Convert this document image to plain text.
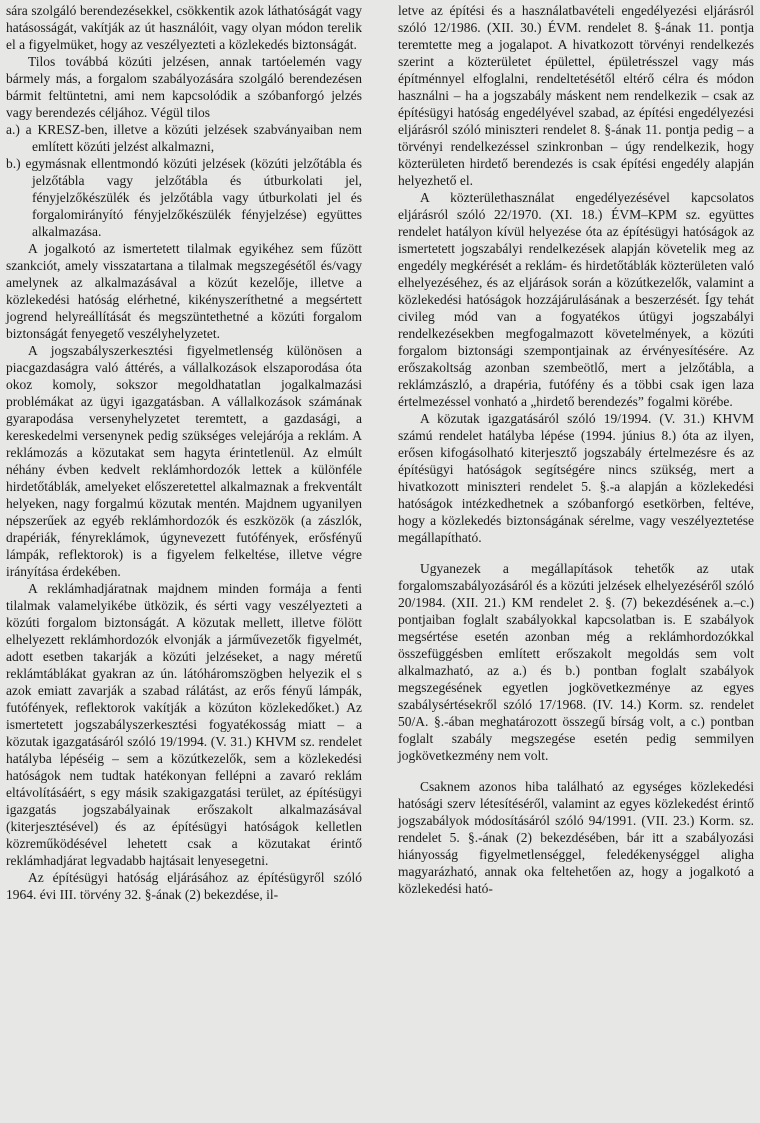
sára szolgáló berendezésekkel, csökkentik azok láthatóságát vagy hatásosságát, vakítják az út használóit, vagy olyan módon terelik el a figyelmüket, hogy az veszélyezteti a közlekedés biztonságát.

Tilos továbbá közúti jelzésen, annak tartóelemén vagy bármely más, a forgalom szabályozására szolgáló berendezésen bármit feltüntetni, ami nem kapcsolódik a szóbanforgó jelzés vagy berendezés céljához. Végül tilos

a.) a KRESZ-ben, illetve a közúti jelzések szabványaiban nem említett közúti jelzést alkalmazni,

b.) egymásnak ellentmondó közúti jelzések (közúti jelzőtábla és jelzőtábla vagy jelzőtábla és útburkolati jel, fényjelzőkészülék és jelzőtábla vagy útburkolati jel és forgalomirányító fényjelzőkészülék fényjelzése) együttes alkalmazása.

A jogalkotó az ismertetett tilalmak egyikéhez sem fűzött szankciót, amely visszatartana a tilalmak megszegésétől és/vagy amelynek az alkalmazásával a közút kezelője, illetve a közlekedési hatóság elérhetné, kikényszeríthetné a megsértett jogrend helyreállítását és megszüntethetné a közúti forgalom biztonságát fenyegető veszélyhelyzetet.

A jogszabályszerkesztési figyelmetlenség különösen a piacgazdaságra való áttérés, a vállalkozások elszaporodása óta okoz komoly, sokszor megoldhatatlan jogalkalmazási problémákat az ügyi igazgatásban. A vállalkozások számának gyarapodása versenyhelyzetet teremtett, a gazdasági, a kereskedelmi versenynek pedig szükséges velejárója a reklám. A reklámozás a közutakat sem hagyta érintetlenül. Az elmúlt néhány évben kedvelt reklámhordozók lettek a különféle hirdetőtáblák, amelyeket előszeretettel alkalmaznak a frekventált helyeken, nagy forgalmú közutak mentén. Majdnem ugyanilyen népszerűek az egyéb reklámhordozók és eszközök (a zászlók, drapériák, fényreklámok, úgynevezett futófények, erősfényű lámpák, reflektorok) is a figyelem felkeltése, illetve végre irányítása érdekében.

A reklámhadjáratnak majdnem minden formája a fenti tilalmak valamelyikébe ütközik, és sérti vagy veszélyezteti a közúti forgalom biztonságát. A közutak mellett, illetve fölött elhelyezett reklámhordozók elvonják a járművezetők figyelmét, adott esetben takarják a közúti jelzéseket, a nagy méretű reklámtáblákat gyakran az ún. látóháromszögben helyezik el s azok emiatt zavarják a szabad rálátást, az erős fényű lámpák, futófények, reflektorok vakítják a közúton közlekedőket.) Az ismertetett jogszabályszerkesztési fogyatékosság miatt – a közutak igazgatásáról szóló 19/1994. (V. 31.) KHVM sz. rendelet hatályba lépéséig – sem a közútkezelők, sem a közlekedési hatóságok nem tudtak hatékonyan fellépni a zavaró reklám eltávolításáért, s egy másik szakigazgatási terület, az építésügyi igazgatás jogszabályainak erőszakolt alkalmazásával (kiterjesztésével) és az építésügyi hatóságok kelletlen közreműködésével lehetett csak a közutakat érintő reklámhadjárat legvadabb hajtásait lenyesegetni.

Az építésügyi hatóság eljárásához az építésügyről szóló 1964. évi III. törvény 32. §-ának (2) bekezdése, il-

letve az építési és a használatbavételi engedélyezési eljárásról szóló 12/1986. (XII. 30.) ÉVM. rendelet 8. §-ának 11. pontja teremtette meg a jogalapot. A hivatkozott törvényi rendelkezés szerint a közterületet épülettel, épületrésszel vagy más építménnyel elfoglalni, rendeltetésétől eltérő célra és módon használni – ha a jogszabály máskent nem rendelkezik – csak az építésügyi hatóság engedélyével szabad, az építési engedélyezési eljárásról szóló miniszteri rendelet 8. §-ának 11. pontja pedig – a törvényi rendelkezéssel szinkronban – úgy rendelkezik, hogy közterületen hirdető berendezés is csak építési engedély alapján helyezhető el.

A közterülethasználat engedélyezésével kapcsolatos eljárásról szóló 22/1970. (XI. 18.) ÉVM–KPM sz. együttes rendelet hatályon kívül helyezése óta az építésügyi hatóságok az ismertetett jogszabályi rendelkezések alapján követelik meg az engedély megkérését a reklám- és hirdetőtáblák közterületen való elhelyezéséhez, és az eljárások során a közútkezelők, valamint a közlekedési hatóságok hozzájárulásának a beszerzését. Így tehát civileg mód van a fogyatékos útügyi jogszabályi rendelkezésekben megfogalmazott követelmények, a közúti forgalom biztonsági szempontjainak az érvényesítésére. Az erőszakoltság azonban szembeötlő, mert a jelzőtábla, a reklámzászló, a drapéria, futófény és a többi csak igen laza értelmezéssel vonható a „hirdető berendezés” fogalmi körébe.

A közutak igazgatásáról szóló 19/1994. (V. 31.) KHVM számú rendelet hatályba lépése (1994. június 8.) óta az ilyen, erősen kifogásolható kiterjesztő jogszabály értelmezésre és az építésügyi hatóságok segítségére nincs szükség, mert a hivatkozott miniszteri rendelet 5. §.-a alapján a közlekedési hatóságok intézkedhetnek a szóbanforgó esetkörben, feltéve, hogy a közlekedés biztonságának sérelme, vagy veszélyeztetése megállapítható.

Ugyanezek a megállapítások tehetők az utak forgalomszabályozásáról és a közúti jelzések elhelyezéséről szóló 20/1984. (XII. 21.) KM rendelet 2. §. (7) bekezdésének a.–c.) pontjaiban foglalt szabályokkal kapcsolatban is. E szabályok megsértése esetén azonban még a reklámhordozókkal összefüggésben említett erőszakolt megoldás sem volt alkalmazható, az a.) és b.) pontban foglalt szabályok megszegésének egyetlen jogkövetkezménye az egyes szabálysértésekről szóló 17/1968. (IV. 14.) Korm. sz. rendelet 50/A. §.-ában meghatározott összegű bírság volt, a c.) pontban foglalt szabály megszegése esetén pedig semmilyen jogkövetkezmény nem volt.

Csaknem azonos hiba található az egységes közlekedési hatósági szerv létesítéséről, valamint az egyes közlekedést érintő jogszabályok módosításáról szóló 94/1991. (VII. 23.) Korm. sz. rendelet 5. §.-ának (2) bekezdésében, bár itt a szabályozási hiányosság figyelmetlenséggel, feledékenységgel aligha magyarázható, annak oka feltehetően az, hogy a jogalkotó a közlekedési ható-
